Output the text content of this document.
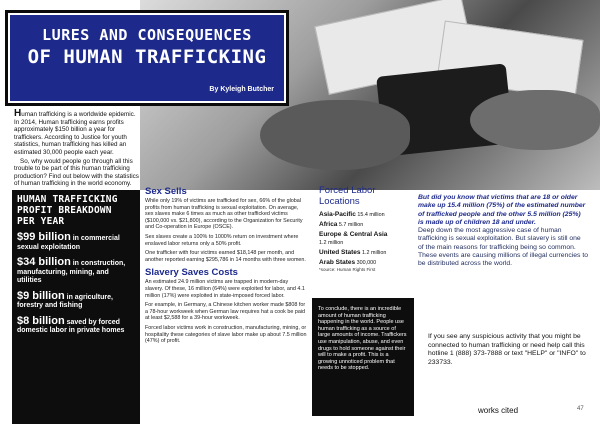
LURES AND CONSEQUENCES
OF HUMAN TRAFFICKING
By Kyleigh Butcher

Human trafficking is a worldwide epidemic. In 2014, Human trafficking earns profits approximately $150 billion a year for traffickers. According to Justice for youth statistics, human trafficking has killed an estimated 30,000 people each year.

So, why would people go through all this trouble to be part of this human trafficking production? Find out below with the statistics of human trafficking in the world economy.

HUMAN TRAFFICKING PROFIT BREAKDOWN PER YEAR
$99 billion in commercial sexual exploitation
$34 billion in construction, manufacturing, mining, and utilities
$9 billion in agriculture, forestry and fishing
$8 billion saved by forced domestic labor in private homes
Sex Sells

While only 19% of victims are trafficked for sex, 66% of the global profits from human trafficking is sexual exploitation. On average, sex slaves make 6 times as much as other trafficked victims ($100,000 vs. $21,800), according to the Organization for Security and Co-operation in Europe (OSCE).

Sex slaves create a 100% to 1000% return on investment where enslaved labor returns only a 50% profit.

One trafficker with four victims earned $18,148 per month, and another reported earning $295,786 in 14 months with three women.

Slavery Saves Costs

An estimated 24.9 million victims are trapped in modern-day slavery. Of these, 16 million (64%) were exploited for labor, and 4.1 million (17%) were exploited in state-imposed forced labor.

For example, in Germany, a Chinese kitchen worker made $808 for a 78-hour workweek when German law requires hat a cook be paid at least $2,588 for a 39-hour workweek.

Forced labor victims work in construction, manufacturing, mining, or hospitality these categories of slave labor make up about 7.5 million (47%) of profit.

Forced Labor Locations
Asia-Pacific 15.4 million
Africa 5.7 million
Europe & Central Asia
1.2 million
United States 1.2 million
Arab States 300,000
*source: Human Rights First
To conclude, there is an incredible amount of human trafficking happening in the world. People use human trafficking as a source of large amounts of income. Traffickers use manipulation, abuse, and even drugs to hold someone against their will to make a profit. This is a growing unnoticed problem that needs to be stopped.
But did you know that victims that are 18 or older make up 15.4 million (75%) of the estimated number of trafficked people and the other 5.5 million (25%) is made up of children 18 and under.
Deep down the most aggressive case of human trafficking is sexual exploitation. But slavery is still one of the main reasons for trafficking being so common. These events are causing millions of illegal currencies to be distributed across the world.
If you see any suspicious activity that you might be connected to human trafficking or need help call this hotline 1 (888) 373-7888 or text "HELP" or "INFO" to 233733.
works cited	47
